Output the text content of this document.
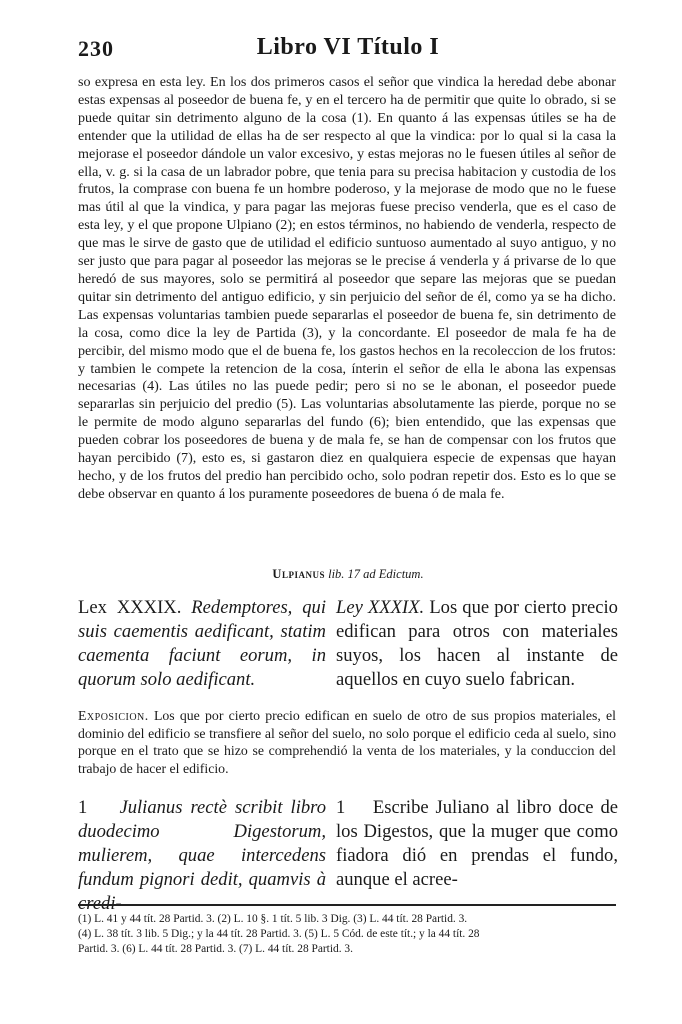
230	Libro VI Título I

so expresa en esta ley. En los dos primeros casos el señor que vindica la heredad debe abonar estas expensas al poseedor de buena fe, y en el tercero ha de permitir que quite lo obrado, si se puede quitar sin detrimento alguno de la cosa (1). En quanto á las expensas útiles se ha de entender que la utilidad de ellas ha de ser respecto al que la vindica: por lo qual si la casa la mejorase el poseedor dándole un valor excesivo, y estas mejoras no le fuesen útiles al señor de ella, v. g. si la casa de un labrador pobre, que tenia para su precisa habitacion y custodia de los frutos, la comprase con buena fe un hombre poderoso, y la mejorase de modo que no le fuese mas útil al que la vindica, y para pagar las mejoras fuese preciso venderla, que es el caso de esta ley, y el que propone Ulpiano (2); en estos términos, no habiendo de venderla, respecto de que mas le sirve de gasto que de utilidad el edificio suntuoso aumentado al suyo antiguo, y no ser justo que para pagar al poseedor las mejoras se le precise á venderla y á privarse de lo que heredó de sus mayores, solo se permitirá al poseedor que separe las mejoras que se puedan quitar sin detrimento del antiguo edificio, y sin perjuicio del señor de él, como ya se ha dicho. Las expensas voluntarias tambien puede separarlas el poseedor de buena fe, sin detrimento de la cosa, como dice la ley de Partida (3), y la concordante. El poseedor de mala fe ha de percibir, del mismo modo que el de buena fe, los gastos hechos en la recoleccion de los frutos: y tambien le compete la retencion de la cosa, ínterin el señor de ella le abona las expensas necesarias (4). Las útiles no las puede pedir; pero si no se le abonan, el poseedor puede separarlas sin perjuicio del predio (5). Las voluntarias absolutamente las pierde, porque no se le permite de modo alguno separarlas del fundo (6); bien entendido, que las expensas que pueden cobrar los poseedores de buena y de mala fe, se han de compensar con los frutos que hayan percibido (7), esto es, si gastaron diez en qualquiera especie de expensas que hayan hecho, y de los frutos del predio han percibido ocho, solo podran repetir dos. Esto es lo que se debe observar en quanto á los puramente poseedores de buena ó de mala fe.

Ulpianus lib. 17 ad Edictum.
Lex XXXIX. Redemptores, qui suis caementis aedificant, statim caementa faciunt eorum, in quorum solo aedificant.
Ley XXXIX. Los que por cierto precio edifican para otros con materiales suyos, los hacen al instante de aquellos en cuyo suelo fabrican.
Exposicion. Los que por cierto precio edifican en suelo de otro de sus propios materiales, el dominio del edificio se transfiere al señor del suelo, no solo porque el edificio ceda al suelo, sino porque en el trato que se hizo se comprehendió la venta de los materiales, y la conduccion del trabajo de hacer el edificio.
1 Julianus rectè scribit libro duodecimo Digestorum, mulierem, quae intercedens fundum pignori dedit, quamvis à credi-
1 Escribe Juliano al libro doce de los Digestos, que la muger que como fiadora dió en prendas el fundo, aunque el acree-
(1) L. 41 y 44 tít. 28 Partid. 3. (2) L. 10 §. 1 tít. 5 lib. 3 Dig. (3) L. 44 tít. 28 Partid. 3.
(4) L. 38 tít. 3 lib. 5 Dig.; y la 44 tít. 28 Partid. 3. (5) L. 5 Cód. de este tít.; y la 44 tít. 28
Partid. 3. (6) L. 44 tít. 28 Partid. 3. (7) L. 44 tít. 28 Partid. 3.
